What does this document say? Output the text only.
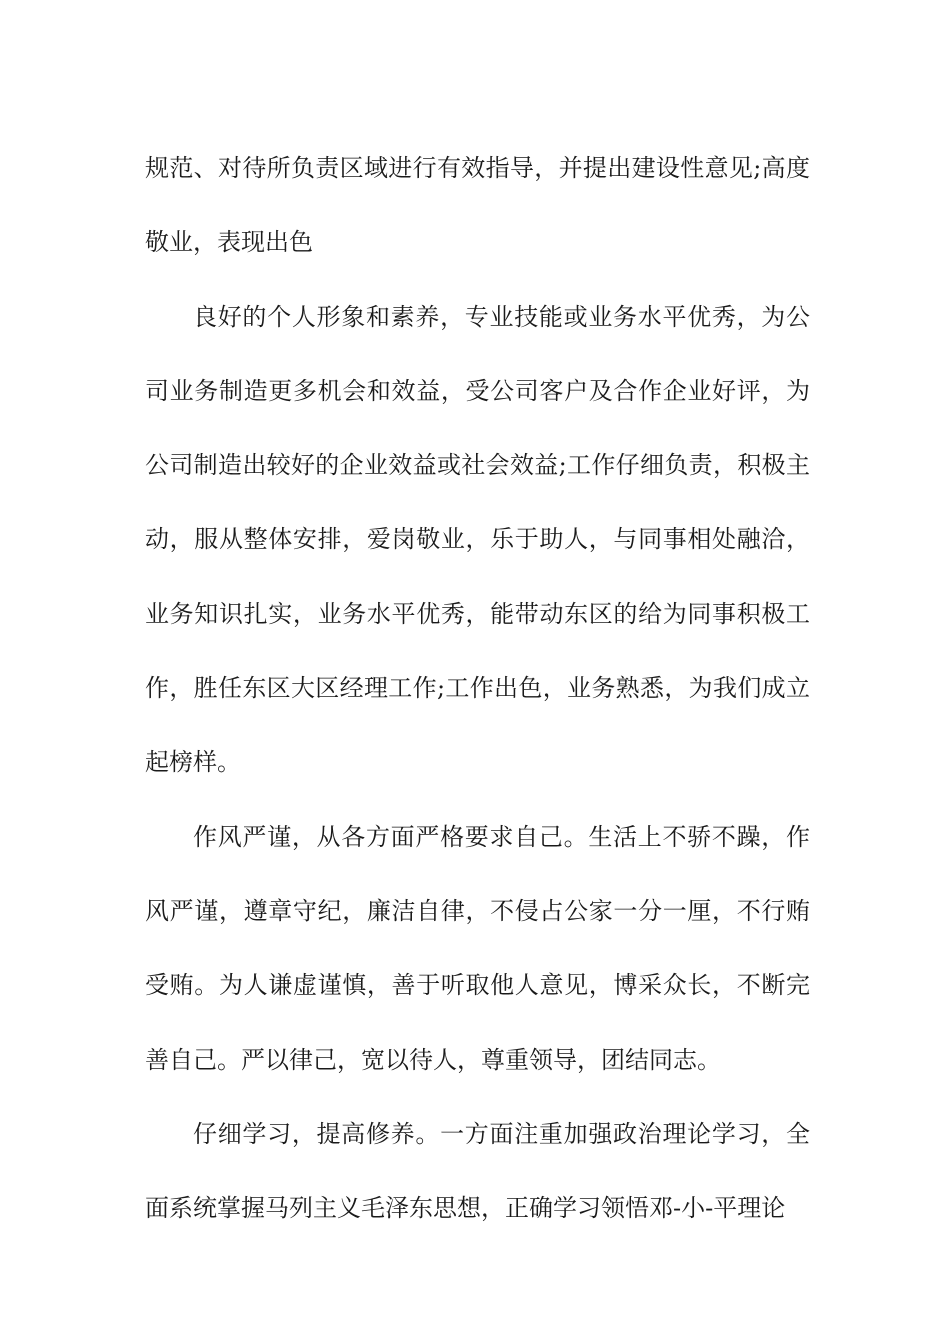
规范、对待所负责区域进行有效指导，并提出建设性意见;高度敬业，表现出色

良好的个人形象和素养，专业技能或业务水平优秀，为公司业务制造更多机会和效益，受公司客户及合作企业好评，为公司制造出较好的企业效益或社会效益;工作仔细负责，积极主动，服从整体安排，爱岗敬业，乐于助人，与同事相处融洽，业务知识扎实，业务水平优秀，能带动东区的给为同事积极工作，胜任东区大区经理工作;工作出色，业务熟悉，为我们成立起榜样。

作风严谨，从各方面严格要求自己。生活上不骄不躁，作风严谨，遵章守纪，廉洁自律，不侵占公家一分一厘，不行贿受贿。为人谦虚谨慎，善于听取他人意见，博采众长，不断完善自己。严以律己，宽以待人，尊重领导，团结同志。

仔细学习，提高修养。一方面注重加强政治理论学习，全面系统掌握马列主义毛泽东思想，正确学习领悟邓-小-平理论
